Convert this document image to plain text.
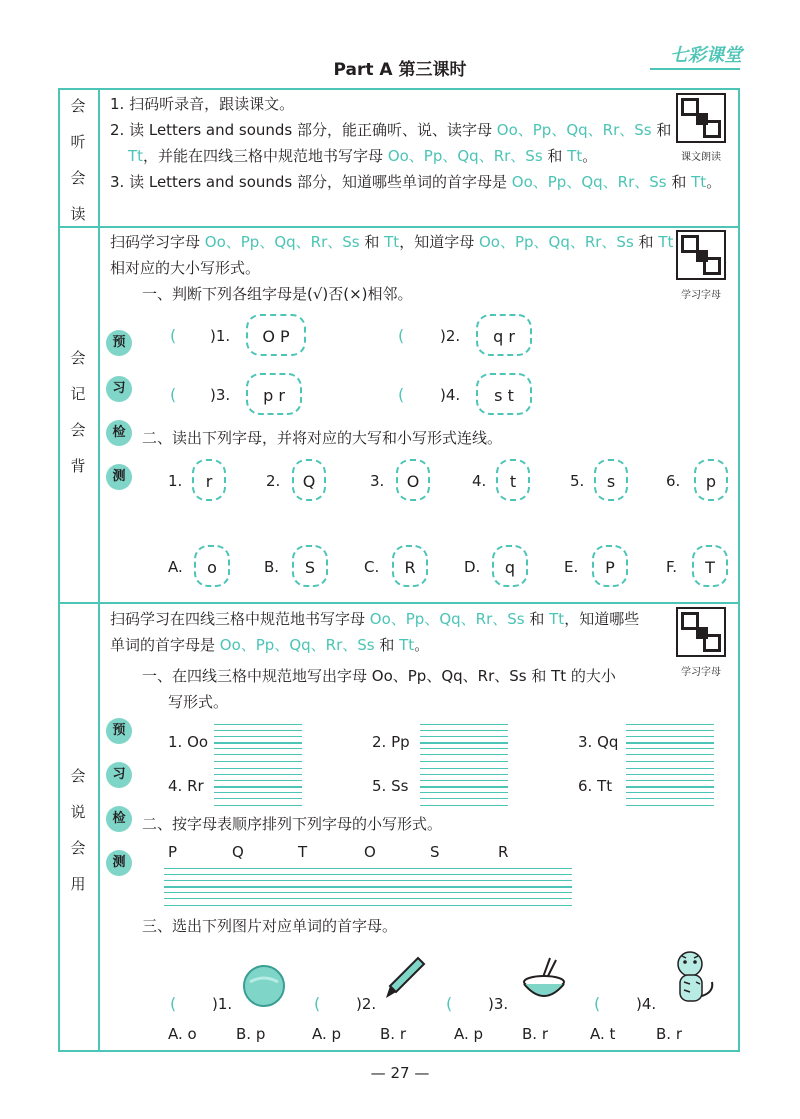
Part A 第三课时
七彩课堂
会
听
会
读
1. 扫码听录音，跟读课文。
2. 读 Letters and sounds 部分，能正确听、说、读字母 Oo、Pp、Qq、Rr、Ss 和
Tt，并能在四线三格中规范地书写字母 Oo、Pp、Qq、Rr、Ss 和 Tt。
3. 读 Letters and sounds 部分，知道哪些单词的首字母是 Oo、Pp、Qq、Rr、Ss 和 Tt。
课文朗读
会
记
会
背
预
习
检
测
扫码学习字母 Oo、Pp、Qq、Rr、Ss 和 Tt，知道字母 Oo、Pp、Qq、Rr、Ss 和 Tt
相对应的大小写形式。
学习字母
一、判断下列各组字母是(√)否(×)相邻。
( )1.	O P	( )2.	q r
( )3.	p r	( )4.	s t
二、读出下列字母，并将对应的大写和小写形式连线。
1.	r	2.	Q	3.	O	4.	t	5.	s	6.	p
A.	o	B.	S	C.	R	D.	q	E.	P	F.	T
会
说
会
用
预
习
检
测
扫码学习在四线三格中规范地书写字母 Oo、Pp、Qq、Rr、Ss 和 Tt，知道哪些
单词的首字母是 Oo、Pp、Qq、Rr、Ss 和 Tt。
学习字母
一、在四线三格中规范地写出字母 Oo、Pp、Qq、Rr、Ss 和 Tt 的大小
写形式。
1. Oo	2. Pp	3. Qq
4. Rr	5. Ss	6. Tt
二、按字母表顺序排列下列字母的小写形式。
P	Q	T	O	S	R
三、选出下列图片对应单词的首字母。
( )1.	( )2.	( )3.	( )4.
A. o	B. p	A. p	B. r	A. p	B. r	A. t	B. r
— 27 —
